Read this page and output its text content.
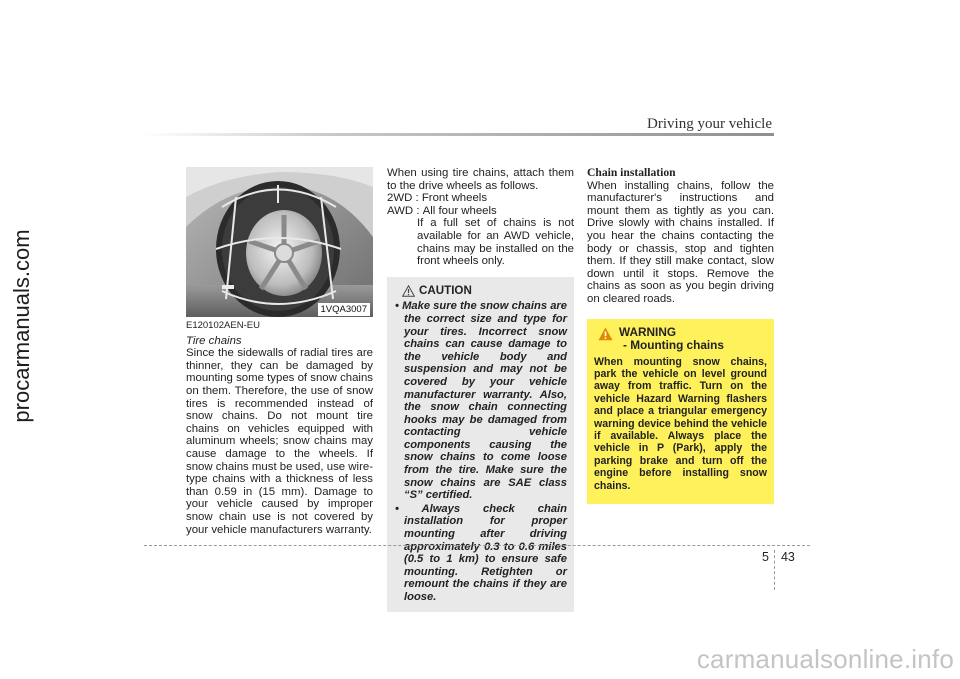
procarmanuals.com
Driving your vehicle
1VQA3007
E120102AEN-EU
Tire chains

Since the sidewalls of radial tires are thinner, they can be damaged by mounting some types of snow chains on them. Therefore, the use of snow tires is recommended instead of snow chains. Do not mount tire chains on vehicles equipped with aluminum wheels; snow chains may cause damage to the wheels. If snow chains must be used, use wire-type chains with a thickness of less than 0.59 in (15 mm). Damage to your vehicle caused by improper snow chain use is not covered by your vehicle manufacturers warranty.

When using tire chains, attach them to the drive wheels as follows.

2WD : Front wheels
AWD : All four wheels

If a full set of chains is not available for an AWD vehicle, chains may be installed on the front wheels only.

CAUTION
• Make sure the snow chains are the correct size and type for your tires. Incorrect snow chains can cause damage to the vehicle body and suspension and may not be covered by your vehicle manufacturer warranty. Also, the snow chain connecting hooks may be damaged from contacting vehicle components causing the snow chains to come loose from the tire. Make sure the snow chains are SAE class “S” certified.
• Always check chain installation for proper mounting after driving approximately 0.3 to 0.6 miles (0.5 to 1 km) to ensure safe mounting. Retighten or remount the chains if they are loose.
Chain installation

When installing chains, follow the manufacturer's instructions and mount them as tightly as you can. Drive slowly with chains installed. If you hear the chains contacting the body or chassis, stop and tighten them. If they still make contact, slow down until it stops. Remove the chains as soon as you begin driving on cleared roads.

WARNING
- Mounting chains
When mounting snow chains, park the vehicle on level ground away from traffic. Turn on the vehicle Hazard Warning flashers and place a triangular emergency warning device behind the vehicle if available. Always place the vehicle in P (Park), apply the parking brake and turn off the engine before installing snow chains.
5 43
carmanualsonline.info
